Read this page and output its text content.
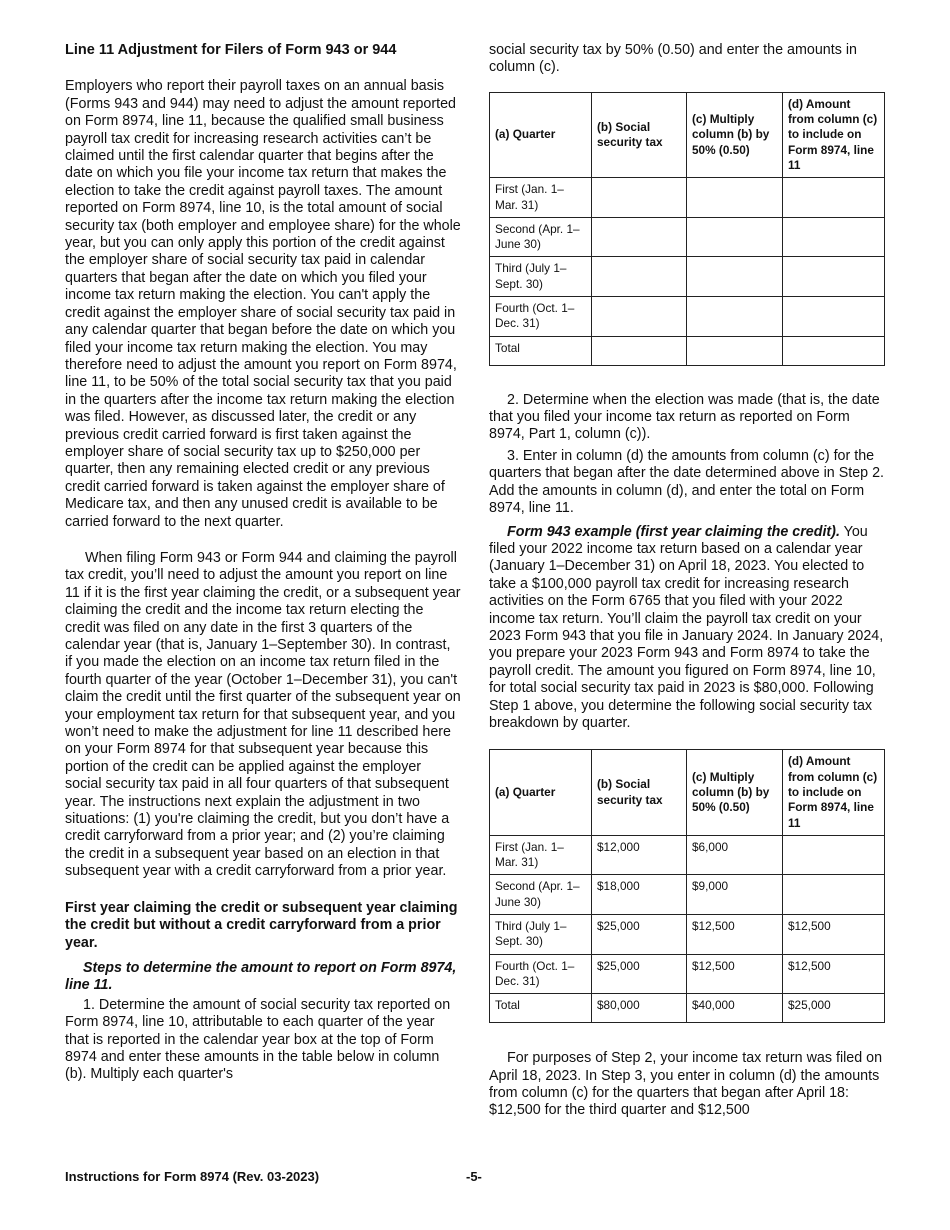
Line 11 Adjustment for Filers of Form 943 or 944

Employers who report their payroll taxes on an annual basis (Forms 943 and 944) may need to adjust the amount reported on Form 8974, line 11, because the qualified small business payroll tax credit for increasing research activities can’t be claimed until the first calendar quarter that begins after the date on which you file your income tax return that makes the election to take the credit against payroll taxes. The amount reported on Form 8974, line 10, is the total amount of social security tax (both employer and employee share) for the whole year, but you can only apply this portion of the credit against the employer share of social security tax paid in calendar quarters that began after the date on which you filed your income tax return making the election. You can't apply the credit against the employer share of social security tax paid in any calendar quarter that began before the date on which you filed your income tax return making the election. You may therefore need to adjust the amount you report on Form 8974, line 11, to be 50% of the total social security tax that you paid in the quarters after the income tax return making the election was filed. However, as discussed later, the credit or any previous credit carried forward is first taken against the employer share of social security tax up to $250,000 per quarter, then any remaining elected credit or any previous credit carried forward is taken against the employer share of Medicare tax, and then any unused credit is available to be carried forward to the next quarter.

When filing Form 943 or Form 944 and claiming the payroll tax credit, you’ll need to adjust the amount you report on line 11 if it is the first year claiming the credit, or a subsequent year claiming the credit and the income tax return electing the credit was filed on any date in the first 3 quarters of the calendar year (that is, January 1–September 30). In contrast, if you made the election on an income tax return filed in the fourth quarter of the year (October 1–December 31), you can't claim the credit until the first quarter of the subsequent year on your employment tax return for that subsequent year, and you won’t need to make the adjustment for line 11 described here on your Form 8974 for that subsequent year because this portion of the credit can be applied against the employer social security tax paid in all four quarters of that subsequent year. The instructions next explain the adjustment in two situations: (1) you're claiming the credit, but you don’t have a credit carryforward from a prior year; and (2) you’re claiming the credit in a subsequent year based on an election in that subsequent year with a credit carryforward from a prior year.

First year claiming the credit or subsequent year claiming the credit but without a credit carryforward from a prior year.
Steps to determine the amount to report on Form 8974, line 11.
1. Determine the amount of social security tax reported on Form 8974, line 10, attributable to each quarter of the year that is reported in the calendar year box at the top of Form 8974 and enter these amounts in the table below in column (b). Multiply each quarter's

social security tax by 50% (0.50) and enter the amounts in column (c).

(a) Quarter	(b) Social security tax	(c) Multiply column (b) by 50% (0.50)	(d) Amount from column (c) to include on Form 8974, line 11
First (Jan. 1–Mar. 31)			
Second (Apr. 1–June 30)			
Third (July 1–Sept. 30)			
Fourth (Oct. 1–Dec. 31)			
Total			
2. Determine when the election was made (that is, the date that you filed your income tax return as reported on Form 8974, Part 1, column (c)).
3. Enter in column (d) the amounts from column (c) for the quarters that began after the date determined above in Step 2. Add the amounts in column (d), and enter the total on Form 8974, line 11.
Form 943 example (first year claiming the credit). You filed your 2022 income tax return based on a calendar year (January 1–December 31) on April 18, 2023. You elected to take a $100,000 payroll tax credit for increasing research activities on the Form 6765 that you filed with your 2022 income tax return. You’ll claim the payroll tax credit on your 2023 Form 943 that you file in January 2024. In January 2024, you prepare your 2023 Form 943 and Form 8974 to take the payroll credit. The amount you figured on Form 8974, line 10, for total social security tax paid in 2023 is $80,000. Following Step 1 above, you determine the following social security tax breakdown by quarter.
(a) Quarter	(b) Social security tax	(c) Multiply column (b) by 50% (0.50)	(d) Amount from column (c) to include on Form 8974, line 11
First (Jan. 1–Mar. 31)	$12,000	$6,000	
Second (Apr. 1–June 30)	$18,000	$9,000	
Third (July 1–Sept. 30)	$25,000	$12,500	$12,500
Fourth (Oct. 1–Dec. 31)	$25,000	$12,500	$12,500
Total	$80,000	$40,000	$25,000
For purposes of Step 2, your income tax return was filed on April 18, 2023. In Step 3, you enter in column (d) the amounts from column (c) for the quarters that began after April 18: $12,500 for the third quarter and $12,500
Instructions for Form 8974 (Rev. 03-2023)	-5-
